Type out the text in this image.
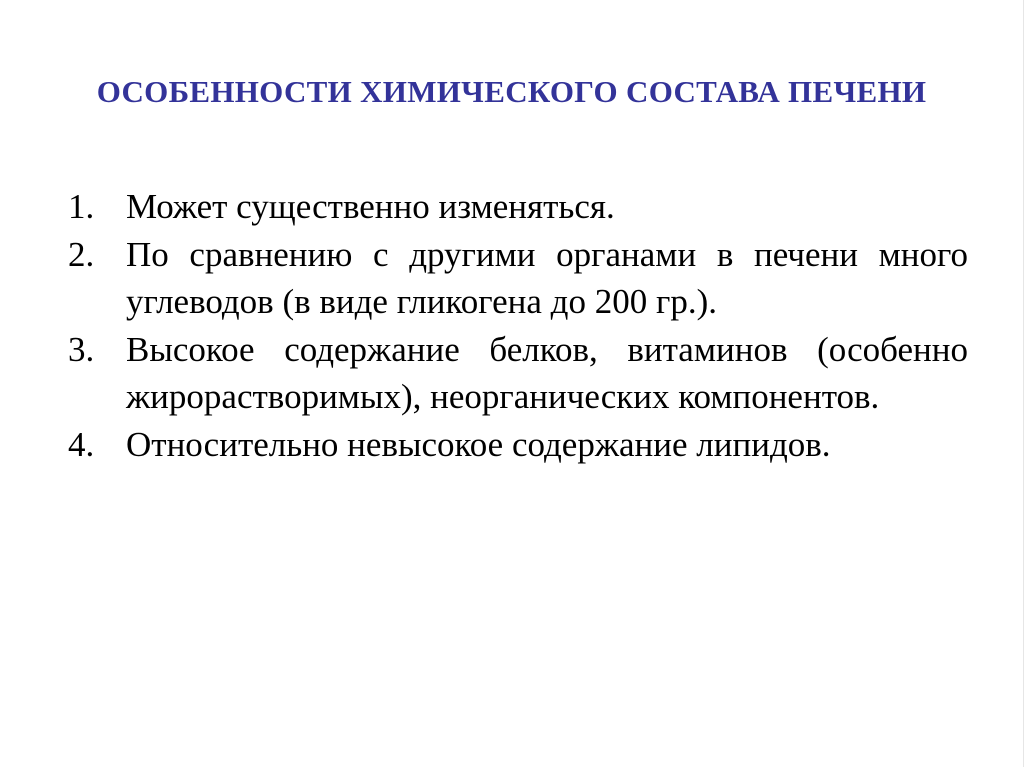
ОСОБЕННОСТИ ХИМИЧЕСКОГО СОСТАВА ПЕЧЕНИ
1. Может существенно изменяться.
2. По сравнению с другими органами в печени много углеводов (в виде гликогена до 200 гр.).
3. Высокое содержание белков, витаминов (особенно жирорастворимых), неорганических компонентов.
4. Относительно невысокое содержание липидов.
